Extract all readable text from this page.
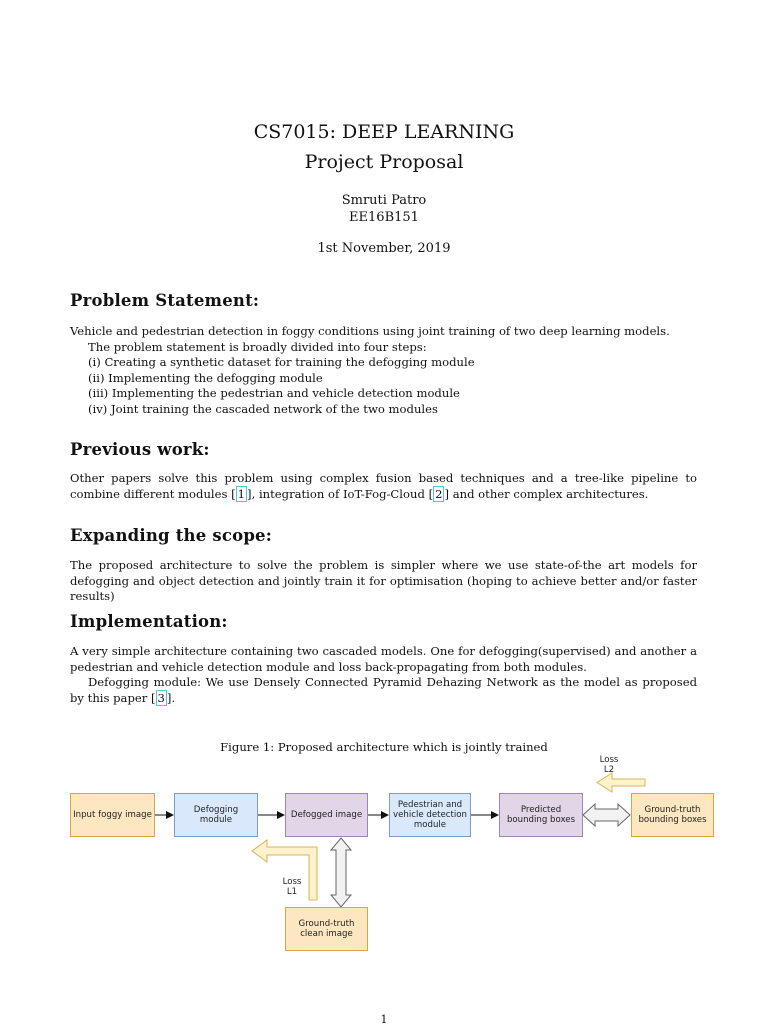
CS7015: DEEP LEARNING
Project Proposal
Smruti Patro
EE16B151
1st November, 2019
Problem Statement:

Vehicle and pedestrian detection in foggy conditions using joint training of two deep learning models.

The problem statement is broadly divided into four steps:

(i) Creating a synthetic dataset for training the defogging module

(ii) Implementing the defogging module

(iii) Implementing the pedestrian and vehicle detection module

(iv) Joint training the cascaded network of the two modules

Previous work:

Other papers solve this problem using complex fusion based techniques and a tree-like pipeline to combine different modules [ 1 ], integration of IoT-Fog-Cloud [ 2 ] and other complex architectures.

Expanding the scope:

The proposed architecture to solve the problem is simpler where we use state-of-the art models for defogging and object detection and jointly train it for optimisation (hoping to achieve better and/or faster results)

Implementation:

A very simple architecture containing two cascaded models. One for defogging(supervised) and another a pedestrian and vehicle detection module and loss back-propagating from both modules.

Defogging module: We use Densely Connected Pyramid Dehazing Network as the model as proposed by this paper [ 3 ].

Figure 1: Proposed architecture which is jointly trained
Input foggy image	Defogging module	Defogged image
Pedestrian and vehicle detection module
Predicted bounding boxes
Ground-truth bounding boxes
Ground-truth clean image
Loss
L2
Loss
L1
1
